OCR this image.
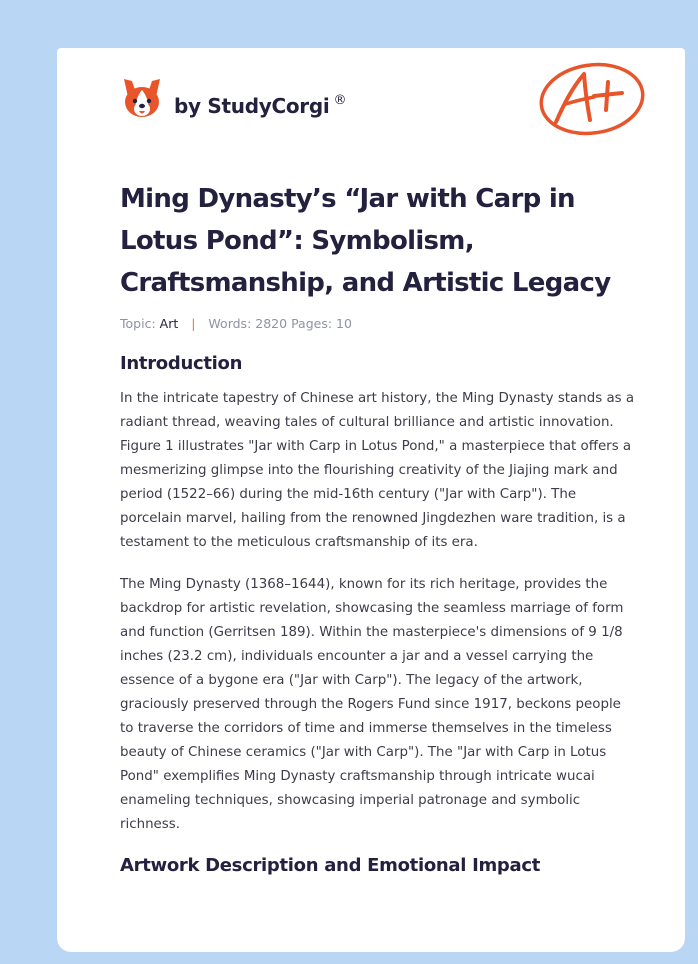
by StudyCorgi ®
Ming Dynasty’s “Jar with Carp in Lotus Pond”: Symbolism, Craftsmanship, and Artistic Legacy
Topic: Art | Words: 2820 Pages: 10
Introduction

In the intricate tapestry of Chinese art history, the Ming Dynasty stands as a radiant thread, weaving tales of cultural brilliance and artistic innovation. Figure 1 illustrates "Jar with Carp in Lotus Pond," a masterpiece that offers a mesmerizing glimpse into the flourishing creativity of the Jiajing mark and period (1522–66) during the mid-16th century ("Jar with Carp"). The porcelain marvel, hailing from the renowned Jingdezhen ware tradition, is a testament to the meticulous craftsmanship of its era.

The Ming Dynasty (1368–1644), known for its rich heritage, provides the backdrop for artistic revelation, showcasing the seamless marriage of form and function (Gerritsen 189). Within the masterpiece's dimensions of 9 1/8 inches (23.2 cm), individuals encounter a jar and a vessel carrying the essence of a bygone era ("Jar with Carp"). The legacy of the artwork, graciously preserved through the Rogers Fund since 1917, beckons people to traverse the corridors of time and immerse themselves in the timeless beauty of Chinese ceramics ("Jar with Carp"). The "Jar with Carp in Lotus Pond" exemplifies Ming Dynasty craftsmanship through intricate wucai enameling techniques, showcasing imperial patronage and symbolic richness.

Artwork Description and Emotional Impact
